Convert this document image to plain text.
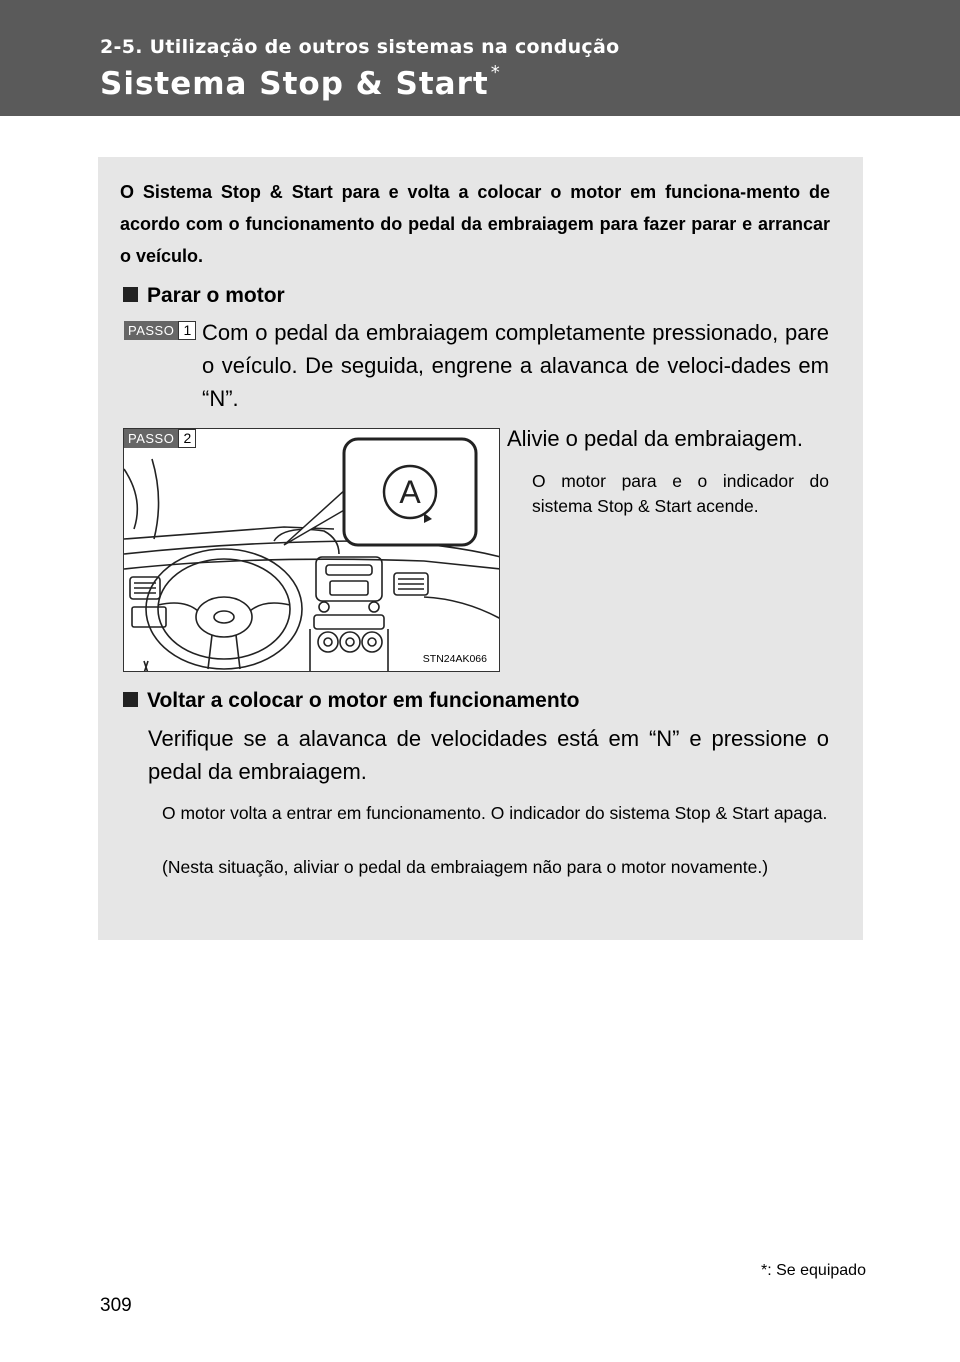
2-5. Utilização de outros sistemas na condução
Sistema Stop & Start *
O Sistema Stop & Start para e volta a colocar o motor em funciona-mento de acordo com o funcionamento do pedal da embraiagem para fazer parar e arrancar o veículo.
Parar o motor
PASSO 1 Com o pedal da embraiagem completamente pressionado, pare o veículo. De seguida, engrene a alavanca de veloci-dades em “N”.
A
PASSO 2
STN24AK066
Alivie o pedal da embraiagem.
O motor para e o indicador do sistema Stop & Start acende.
Voltar a colocar o motor em funcionamento
Verifique se a alavanca de velocidades está em “N” e pressione o pedal da embraiagem.
O motor volta a entrar em funcionamento. O indicador do sistema Stop & Start apaga.
(Nesta situação, aliviar o pedal da embraiagem não para o motor novamente.)
*: Se equipado
309
